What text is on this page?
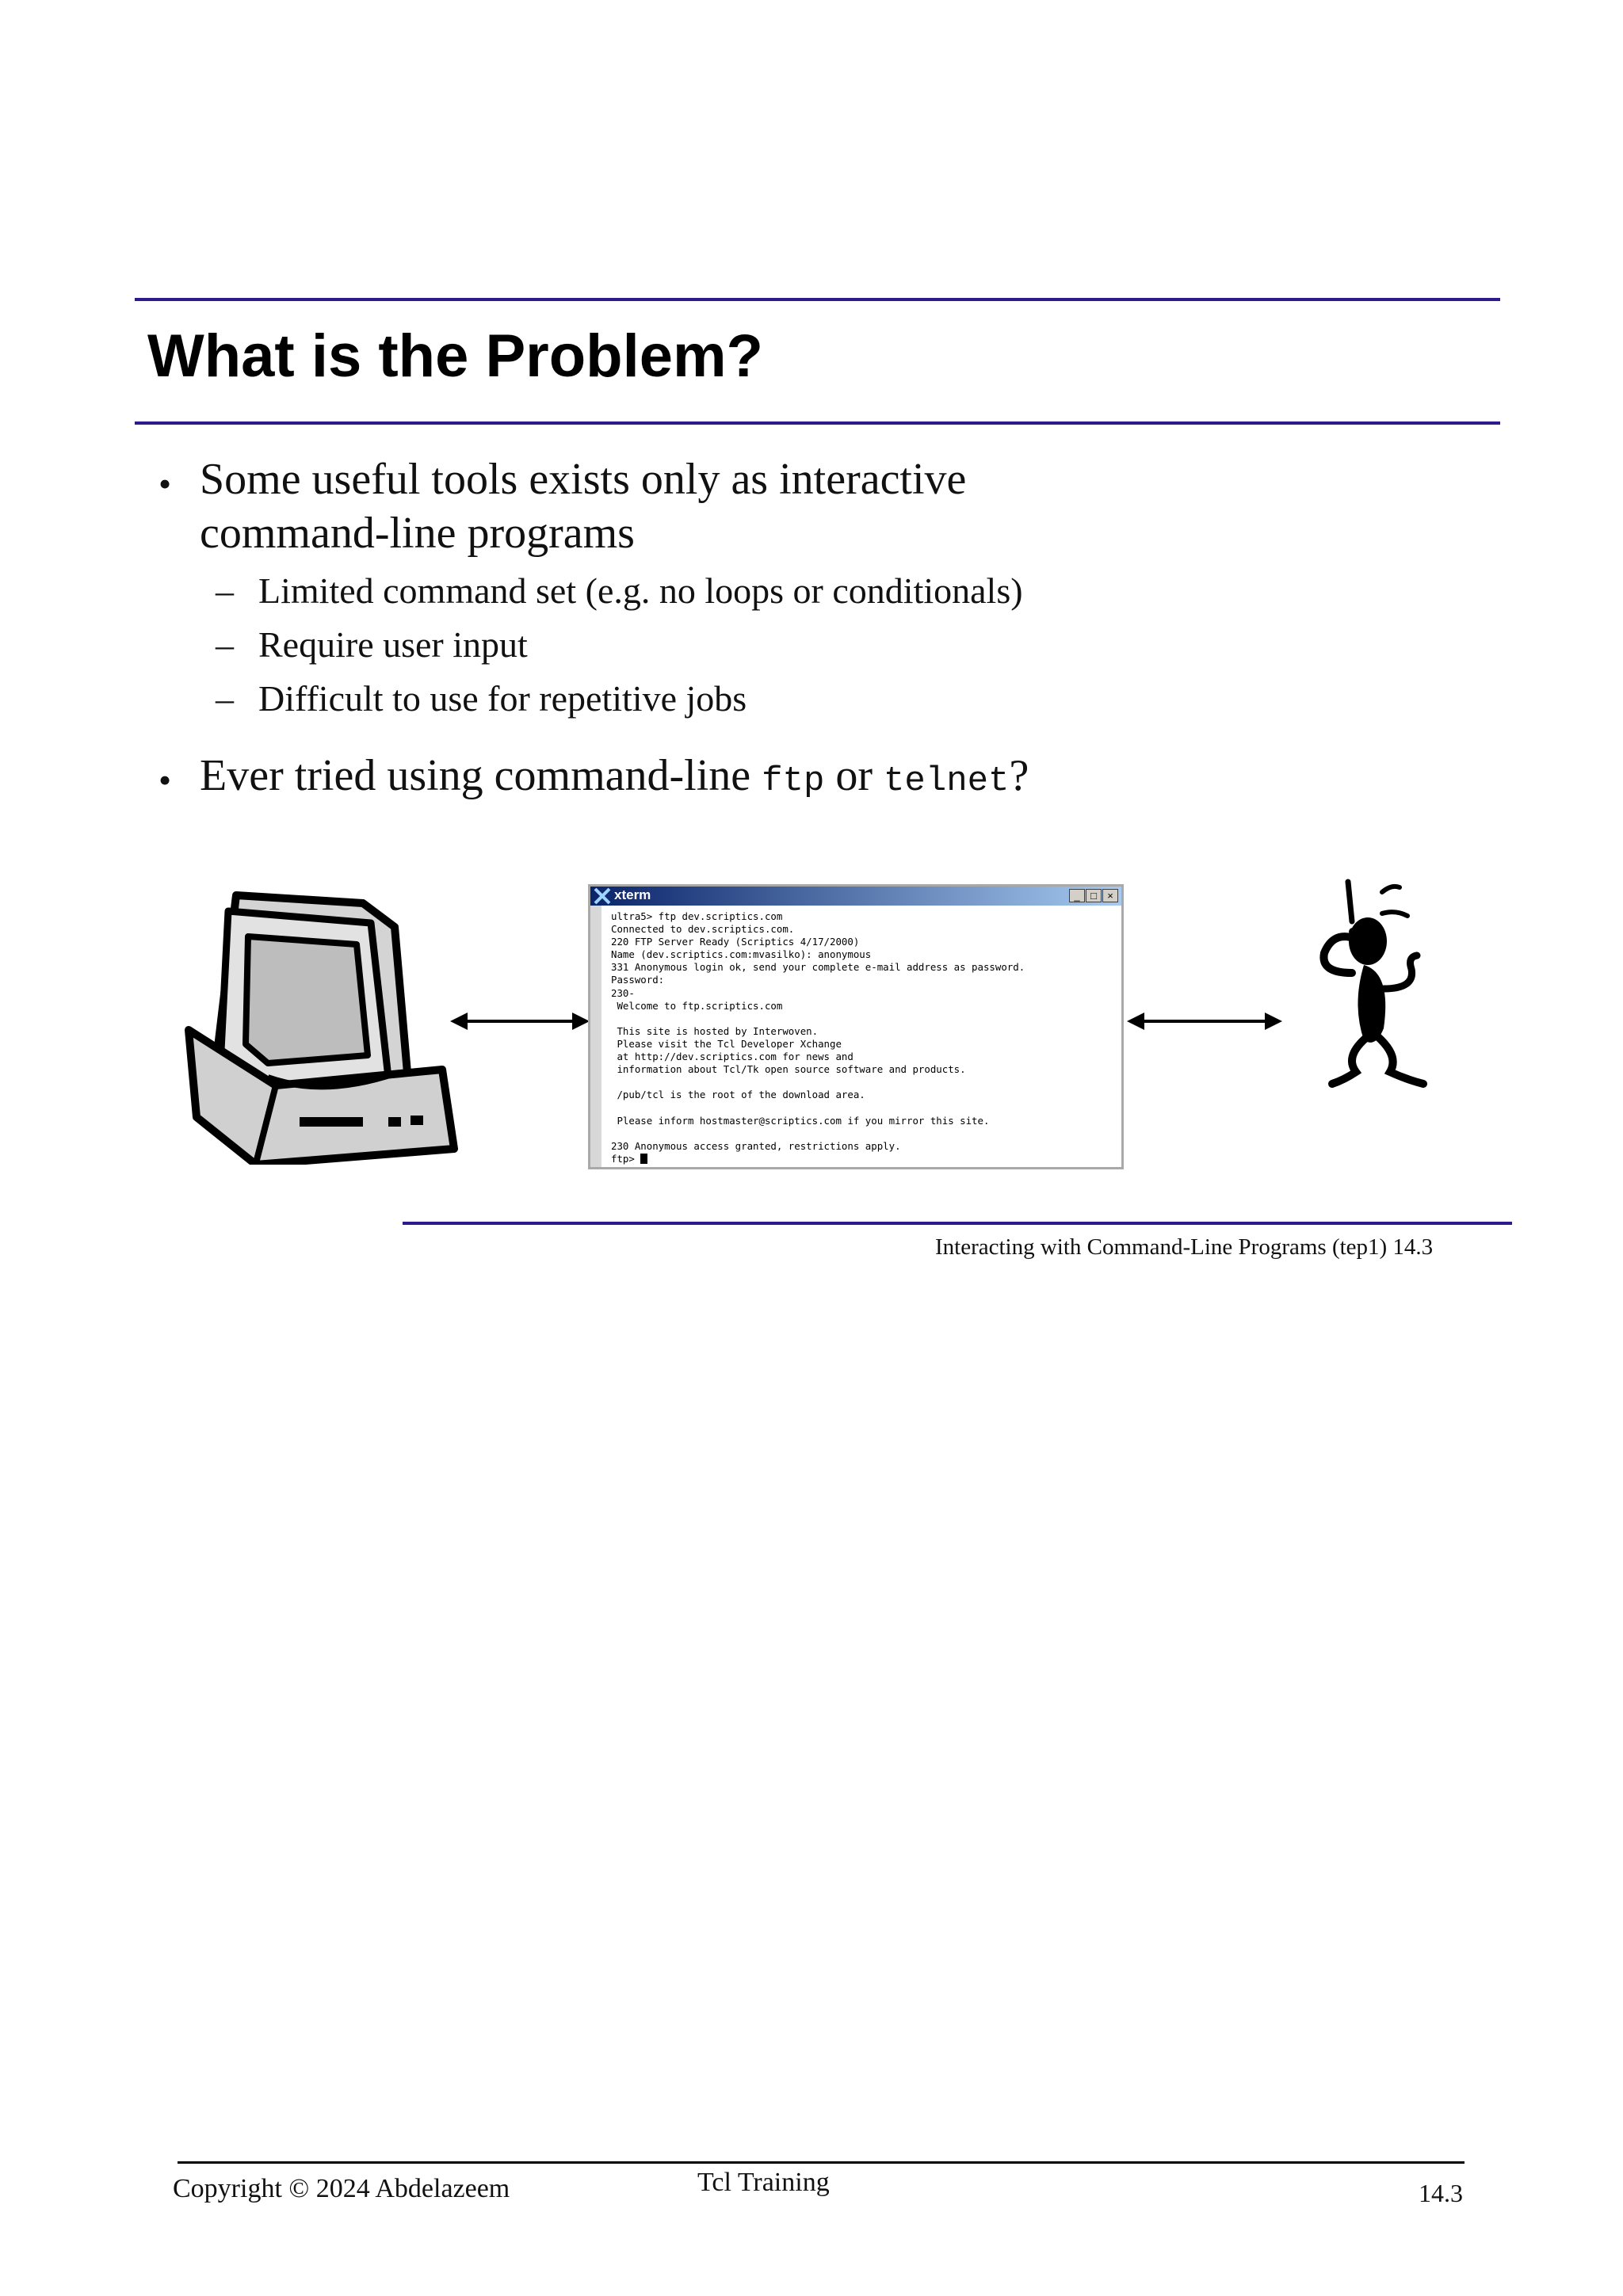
What is the Problem?
• Some useful tools exists only as interactive
command-line programs
– Limited command set (e.g. no loops or conditionals)
– Require user input
– Difficult to use for repetitive jobs
• Ever tried using command-line ftp or telnet?
xterm	_	□	×
ultra5> ftp dev.scriptics.com
Connected to dev.scriptics.com.
220 FTP Server Ready (Scriptics 4/17/2000)
Name (dev.scriptics.com:mvasilko): anonymous
331 Anonymous login ok, send your complete e-mail address as password.
Password:
230-
Welcome to ftp.scriptics.com
This site is hosted by Interwoven.
Please visit the Tcl Developer Xchange
at http://dev.scriptics.com for news and
information about Tcl/Tk open source software and products.
/pub/tcl is the root of the download area.
Please inform hostmaster@scriptics.com if you mirror this site.
230 Anonymous access granted, restrictions apply.
ftp>
Interacting with Command-Line Programs (tep1) 14.3
Copyright © 2024 Abdelazeem	Tcl Training	14.3
